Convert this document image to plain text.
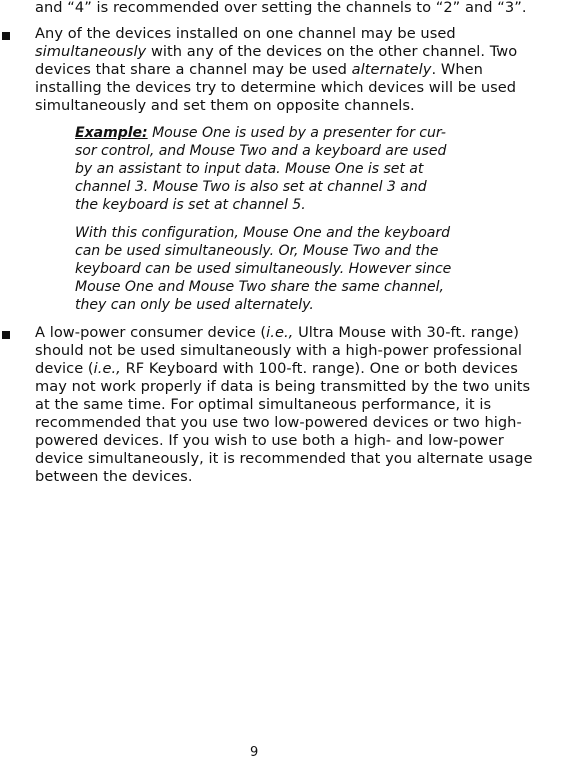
and “4” is recommended over setting the channels to “2” and “3”.
Any of the devices installed on one channel may be used
simultaneously with any of the devices on the other channel. Two
devices that share a channel may be used alternately. When
installing the devices try to determine which devices will be used
simultaneously and set them on opposite channels.
Example: Mouse One is used by a presenter for cur-
sor control, and Mouse Two and a keyboard are used
by an assistant to input data. Mouse One is set at
channel 3. Mouse Two is also set at channel 3 and
the keyboard is set at channel 5.
With this configuration, Mouse One and the keyboard
can be used simultaneously. Or, Mouse Two and the
keyboard can be used simultaneously. However since
Mouse One and Mouse Two share the same channel,
they can only be used alternately.
A low-power consumer device (i.e., Ultra Mouse with 30-ft. range)
should not be used simultaneously with a high-power professional
device (i.e., RF Keyboard with 100-ft. range). One or both devices
may not work properly if data is being transmitted by the two units
at the same time. For optimal simultaneous performance, it is
recommended that you use two low-powered devices or two high-
powered devices. If you wish to use both a high- and low-power
device simultaneously, it is recommended that you alternate usage
between the devices.
9
